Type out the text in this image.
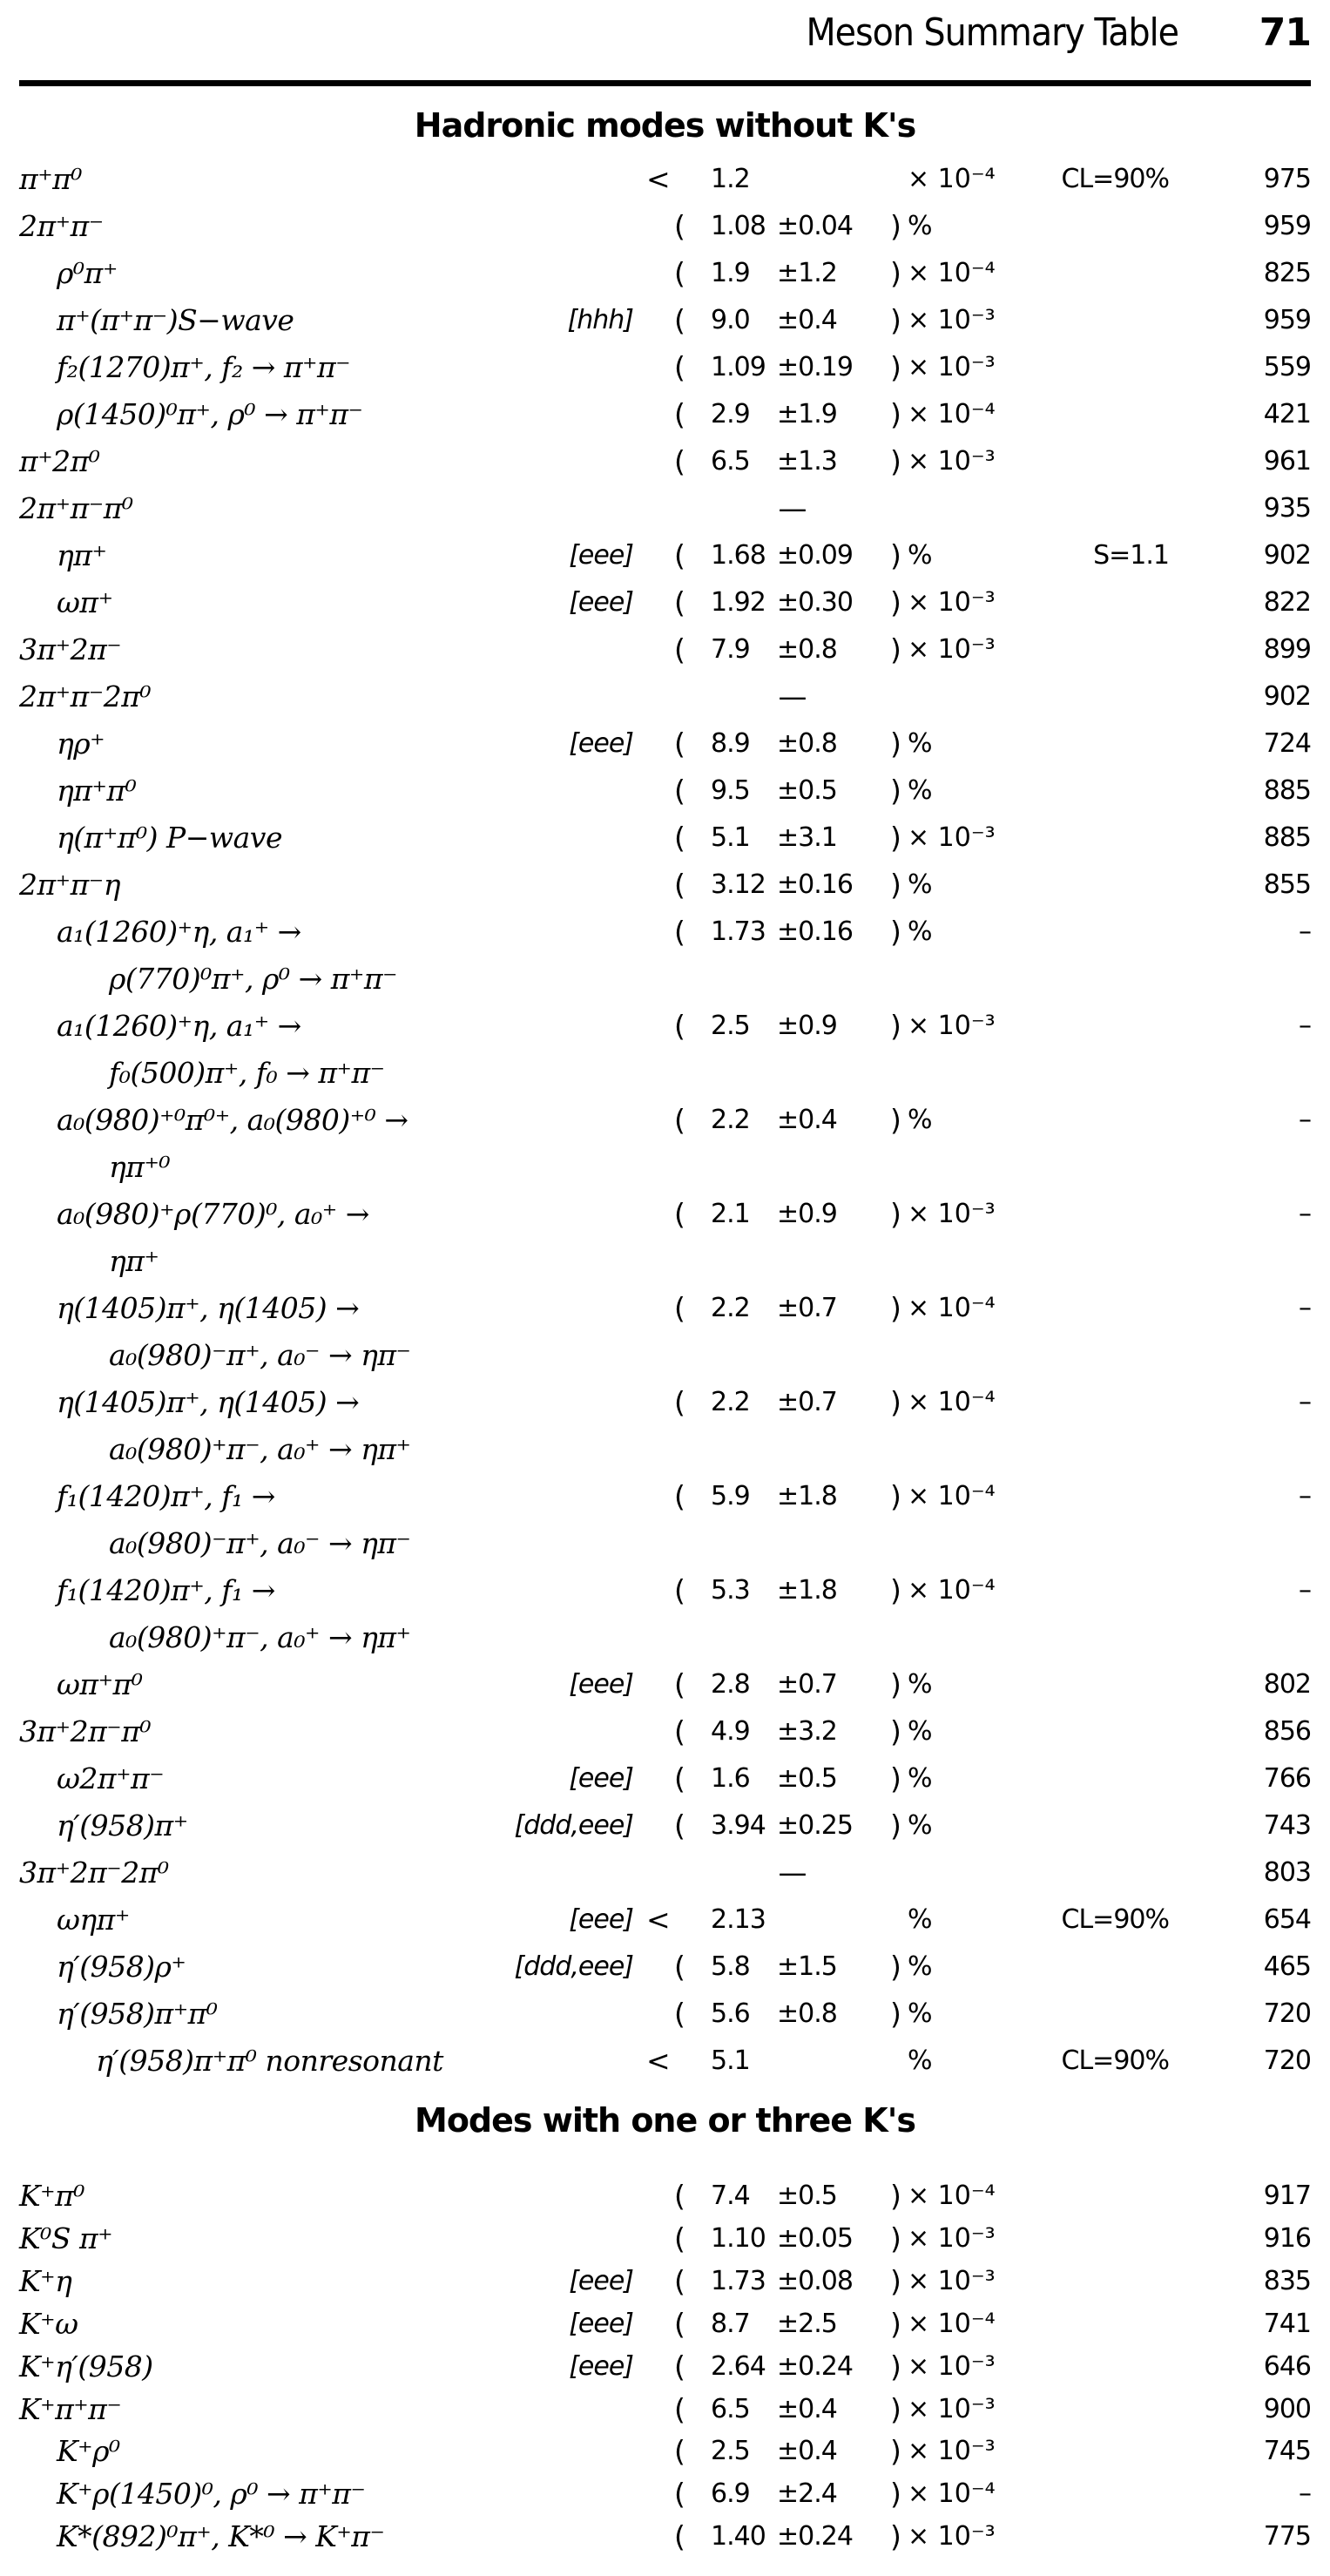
Meson Summary Table 71
Hadronic modes without K's
π⁺π⁰	< 1.2	× 10⁻⁴	CL=90%	975
2π⁺π⁻	( 1.08 ±0.04 ) %	959
ρ⁰π⁺	( 1.9 ±1.2 ) × 10⁻⁴	825
π⁺(π⁺π⁻)S−wave	[hhh] ( 9.0 ±0.4 ) × 10⁻³	959
f₂(1270)π⁺, f₂ → π⁺π⁻	( 1.09 ±0.19 ) × 10⁻³	559
ρ(1450)⁰π⁺, ρ⁰ → π⁺π⁻	( 2.9 ±1.9 ) × 10⁻⁴	421
π⁺2π⁰	( 6.5 ±1.3 ) × 10⁻³	961
2π⁺π⁻π⁰	—	935
ηπ⁺	[eee] ( 1.68 ±0.09 ) %	S=1.1	902
ωπ⁺	[eee] ( 1.92 ±0.30 ) × 10⁻³	822
3π⁺2π⁻	( 7.9 ±0.8 ) × 10⁻³	899
2π⁺π⁻2π⁰	—	902
ηρ⁺	[eee] ( 8.9 ±0.8 ) %	724
ηπ⁺π⁰	( 9.5 ±0.5 ) %	885
η(π⁺π⁰) P−wave	( 5.1 ±3.1 ) × 10⁻³	885
2π⁺π⁻η	( 3.12 ±0.16 ) %	855
a₁(1260)⁺η, a₁⁺ →	( 1.73 ±0.16 ) %	–
ρ(770)⁰π⁺, ρ⁰ → π⁺π⁻
a₁(1260)⁺η, a₁⁺ →	( 2.5 ±0.9 ) × 10⁻³	–
f₀(500)π⁺, f₀ → π⁺π⁻
a₀(980)⁺⁰π⁰⁺, a₀(980)⁺⁰ →	( 2.2 ±0.4 ) %	–
ηπ⁺⁰
a₀(980)⁺ρ(770)⁰, a₀⁺ →	( 2.1 ±0.9 ) × 10⁻³	–
ηπ⁺
η(1405)π⁺, η(1405) →	( 2.2 ±0.7 ) × 10⁻⁴	–
a₀(980)⁻π⁺, a₀⁻ → ηπ⁻
η(1405)π⁺, η(1405) →	( 2.2 ±0.7 ) × 10⁻⁴	–
a₀(980)⁺π⁻, a₀⁺ → ηπ⁺
f₁(1420)π⁺, f₁ →	( 5.9 ±1.8 ) × 10⁻⁴	–
a₀(980)⁻π⁺, a₀⁻ → ηπ⁻
f₁(1420)π⁺, f₁ →	( 5.3 ±1.8 ) × 10⁻⁴	–
a₀(980)⁺π⁻, a₀⁺ → ηπ⁺
ωπ⁺π⁰	[eee] ( 2.8 ±0.7 ) %	802
3π⁺2π⁻π⁰	( 4.9 ±3.2 ) %	856
ω2π⁺π⁻	[eee] ( 1.6 ±0.5 ) %	766
η′(958)π⁺	[ddd,eee] ( 3.94 ±0.25 ) %	743
3π⁺2π⁻2π⁰	—	803
ωηπ⁺	[eee] < 2.13	%	CL=90%	654
η′(958)ρ⁺	[ddd,eee] ( 5.8 ±1.5 ) %	465
η′(958)π⁺π⁰	( 5.6 ±0.8 ) %	720
η′(958)π⁺π⁰ nonresonant	< 5.1	%	CL=90%	720
Modes with one or three K's
K⁺π⁰	( 7.4 ±0.5 ) × 10⁻⁴	917
K⁰S π⁺	( 1.10 ±0.05 ) × 10⁻³	916
K⁺η	[eee] ( 1.73 ±0.08 ) × 10⁻³	835
K⁺ω	[eee] ( 8.7 ±2.5 ) × 10⁻⁴	741
K⁺η′(958)	[eee] ( 2.64 ±0.24 ) × 10⁻³	646
K⁺π⁺π⁻	( 6.5 ±0.4 ) × 10⁻³	900
K⁺ρ⁰	( 2.5 ±0.4 ) × 10⁻³	745
K⁺ρ(1450)⁰, ρ⁰ → π⁺π⁻	( 6.9 ±2.4 ) × 10⁻⁴	–
K*(892)⁰π⁺, K*⁰ → K⁺π⁻	( 1.40 ±0.24 ) × 10⁻³	775
